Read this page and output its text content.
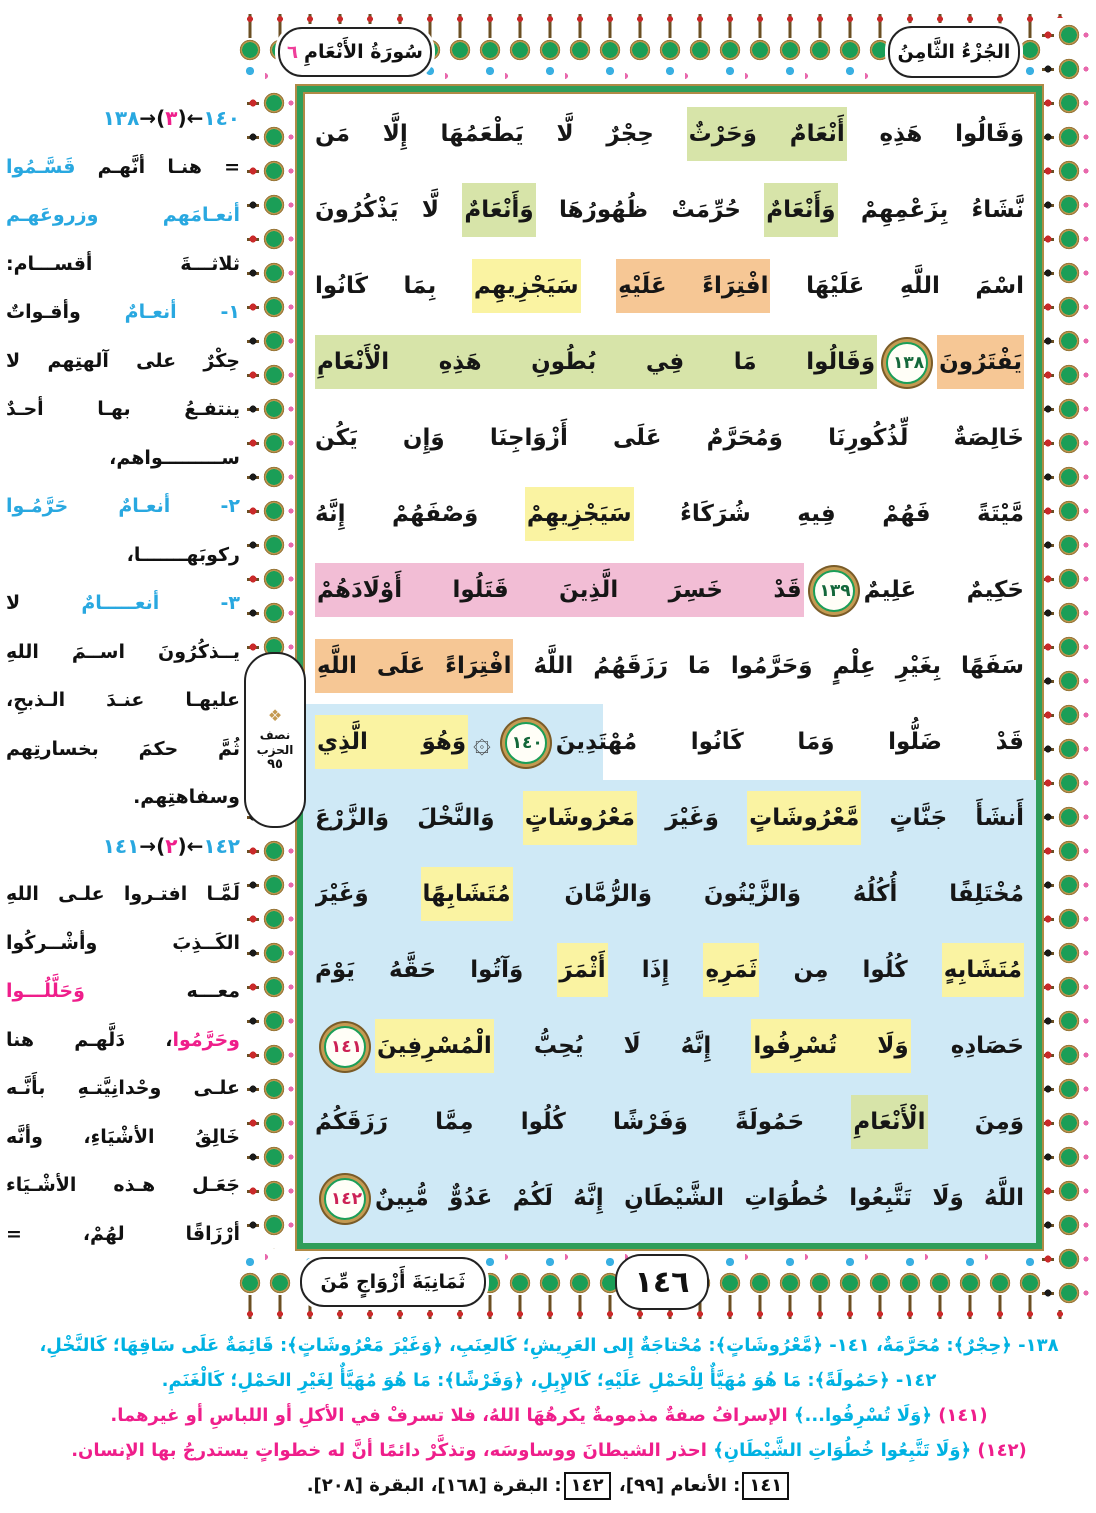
سُورَةُ الأَنْعَامِ
٦	الجُزْءُ الثَّامِنُ
وَقَالُوا هَذِهِ أَنْعَامٌ وَحَرْثٌ حِجْرٌ لَّا يَطْعَمُهَا إِلَّا مَن
نَّشَاءُ بِزَعْمِهِمْ وَأَنْعَامٌ حُرِّمَتْ ظُهُورُهَا وَأَنْعَامٌ لَّا يَذْكُرُونَ
اسْمَ اللَّهِ عَلَيْهَا افْتِرَاءً عَلَيْهِ سَيَجْزِيهِم بِمَا كَانُوا
يَفْتَرُونَ١٣٨وَقَالُوا مَا فِي بُطُونِ هَذِهِ الْأَنْعَامِ
خَالِصَةٌ لِّذُكُورِنَا وَمُحَرَّمٌ عَلَى أَزْوَاجِنَا وَإِن يَكُن
مَّيْتَةً فَهُمْ فِيهِ شُرَكَاءُ سَيَجْزِيهِمْ وَصْفَهُمْ إِنَّهُ
حَكِيمٌ عَلِيمٌ١٣٩قَدْ خَسِرَ الَّذِينَ قَتَلُوا أَوْلَادَهُمْ
سَفَهًا بِغَيْرِ عِلْمٍ وَحَرَّمُوا مَا رَزَقَهُمُ اللَّهُ افْتِرَاءً عَلَى اللَّهِ
قَدْ ضَلُّوا وَمَا كَانُوا مُهْتَدِينَ١٤٠۞وَهُوَ الَّذِي
أَنشَأَ جَنَّاتٍ مَّعْرُوشَاتٍ وَغَيْرَ مَعْرُوشَاتٍ وَالنَّخْلَ وَالزَّرْعَ
مُخْتَلِفًا أُكُلُهُ وَالزَّيْتُونَ وَالرُّمَّانَ مُتَشَابِهًا وَغَيْرَ
مُتَشَابِهٍ كُلُوا مِن ثَمَرِهِ إِذَا أَثْمَرَ وَآتُوا حَقَّهُ يَوْمَ
حَصَادِهِ وَلَا تُسْرِفُوا إِنَّهُ لَا يُحِبُّ الْمُسْرِفِينَ١٤١
وَمِنَ الْأَنْعَامِ حَمُولَةً وَفَرْشًا كُلُوا مِمَّا رَزَقَكُمُ
اللَّهُ وَلَا تَتَّبِعُوا خُطُوَاتِ الشَّيْطَانِ إِنَّهُ لَكُمْ عَدُوٌّ مُّبِينٌ١٤٢
❖
نصف
الحزب
٩٥
١٤٠←(٣)→١٣٨
= هنـا أنَّهـم قَسَّـمُوا
أنعـامَهم وزروعَهـم
ثلاثـــةَ أقســـام:
١- أنعـامٌ وأقـواتٌ
حِكْرٌ على آلهتِهم لا
ينتفـعُ بهـا أحـدٌ
ســـــــــواهم،
٢- أنعـامٌ حَرَّمُـوا
ركوبَهـــــــا،
٣- أنعـــــامٌ لا
يــذكُرُونَ اســمَ اللهِ
عليهـا عنـدَ الـذبحِ،
ثُمَّ حكمَ بخسارتِهم
وسفاهتِهم.
١٤٢←(٢)→١٤١
لَمَّـا افتـروا علـى اللهِ
الكَــذِبَ وأشْــركُوا
معـــه وَحَلَّلُـــوا
وحَرَّمُوا، دَلَّهـم هنا
علـى وحْدانِيَّتـهِ بأَنَّـه
خَالِقُ الأشْيَاءِ، وأنَّه
جَعَـل هـذه الأشْـيَاء
أرْزَاقًا لهُمْ، =
ثَمَانِيَةَ أَزْوَاجٍ مِّنَ	١٤٦
١٣٨- ﴿حِجْرٌ﴾: مُحَرَّمَةٌ، ١٤١- ﴿مَّعْرُوشَاتٍ﴾: مُحْتاجَةٌ إِلى العَرِيشِ؛ كَالعِنَبِ، ﴿وَغَيْرَ مَعْرُوشَاتٍ﴾: قَائِمَةٌ عَلَى سَاقِهَا؛ كَالنَّخْلِ،
١٤٢- ﴿حَمُولَةً﴾: مَا هُوَ مُهَيَّأٌ لِلْحَمْلِ عَلَيْهِ؛ كَالإِبِلِ، ﴿وَفَرْشًا﴾: مَا هُوَ مُهَيَّأٌ لِغَيْرِ الحَمْلِ؛ كَالْغَنَمِ.
(١٤١) ﴿وَلَا تُسْرِفُوا...﴾ الإسرافُ صفةٌ مذمومةٌ يكرهُهَا اللهُ، فلا تسرفْ في الأكلِ أو اللباسِ أو غيرهما.
(١٤٢) ﴿وَلَا تَتَّبِعُوا خُطُوَاتِ الشَّيْطَانِ﴾ احذر الشيطانَ ووساوسَه، وتذكَّرْ دائمًا أنَّ له خطواتٍ يستدرجُ بها الإنسان.
١٤١: الأنعام [٩٩]، ١٤٢: البقرة [١٦٨]، البقرة [٢٠٨].
